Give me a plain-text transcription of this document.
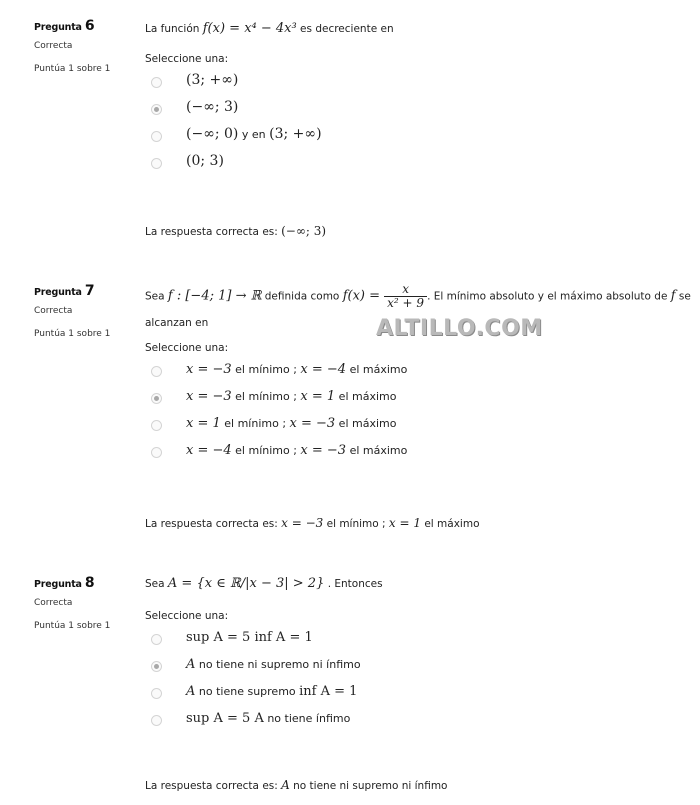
Pregunta 6
Correcta
Puntúa 1 sobre 1
La función f(x) = x⁴ − 4x³ es decreciente en
Seleccione una:
(3; +∞)
(−∞; 3)
(−∞; 0) y en (3; +∞)
(0; 3)
La respuesta correcta es: (−∞; 3)
Pregunta 7
Correcta
Puntúa 1 sobre 1
Sea f : [−4; 1] → ℝ definida como $f(x) = \frac{x}{\text{x² + 9}}$ . El mínimo absoluto y el máximo absoluto de f se alcanzan en
Seleccione una:
x = −3 el mínimo ; x = −4 el máximo
x = −3 el mínimo ; x = 1 el máximo
x = 1 el mínimo ; x = −3 el máximo
x = −4 el mínimo ; x = −3 el máximo
La respuesta correcta es: x = −3 el mínimo ; x = 1 el máximo
Pregunta 8
Correcta
Puntúa 1 sobre 1
Sea A = {x ∈ ℝ/|x − 3| > 2} . Entonces
Seleccione una:
sup A = 5 inf A = 1
A no tiene ni supremo ni ínfimo
A no tiene supremo inf A = 1
sup A = 5 A no tiene ínfimo
La respuesta correcta es: A no tiene ni supremo ni ínfimo
ALTILLO.COM
